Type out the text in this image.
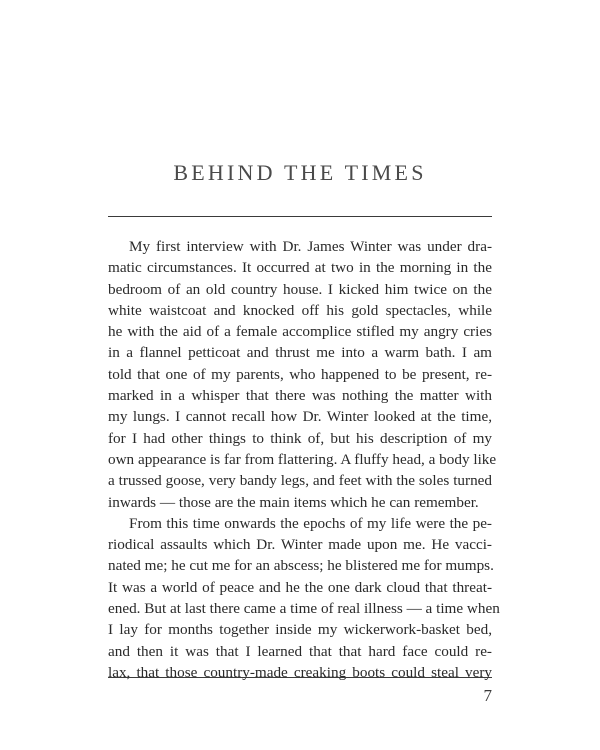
BEHIND THE TIMES
My first interview with Dr. James Winter was under dra-
matic circumstances. It occurred at two in the morning in the
bedroom of an old country house. I kicked him twice on the
white waistcoat and knocked off his gold spectacles, while
he with the aid of a female accomplice stifled my angry cries
in a flannel petticoat and thrust me into a warm bath. I am
told that one of my parents, who happened to be present, re-
marked in a whisper that there was nothing the matter with
my lungs. I cannot recall how Dr. Winter looked at the time,
for I had other things to think of, but his description of my
own appearance is far from flattering. A fluffy head, a body like
a trussed goose, very bandy legs, and feet with the soles turned
inwards — those are the main items which he can remember.
From this time onwards the epochs of my life were the pe-
riodical assaults which Dr. Winter made upon me. He vacci-
nated me; he cut me for an abscess; he blistered me for mumps.
It was a world of peace and he the one dark cloud that threat-
ened. But at last there came a time of real illness — a time when
I lay for months together inside my wickerwork-basket bed,
and then it was that I learned that that hard face could re-
lax, that those country-made creaking boots could steal very
7
